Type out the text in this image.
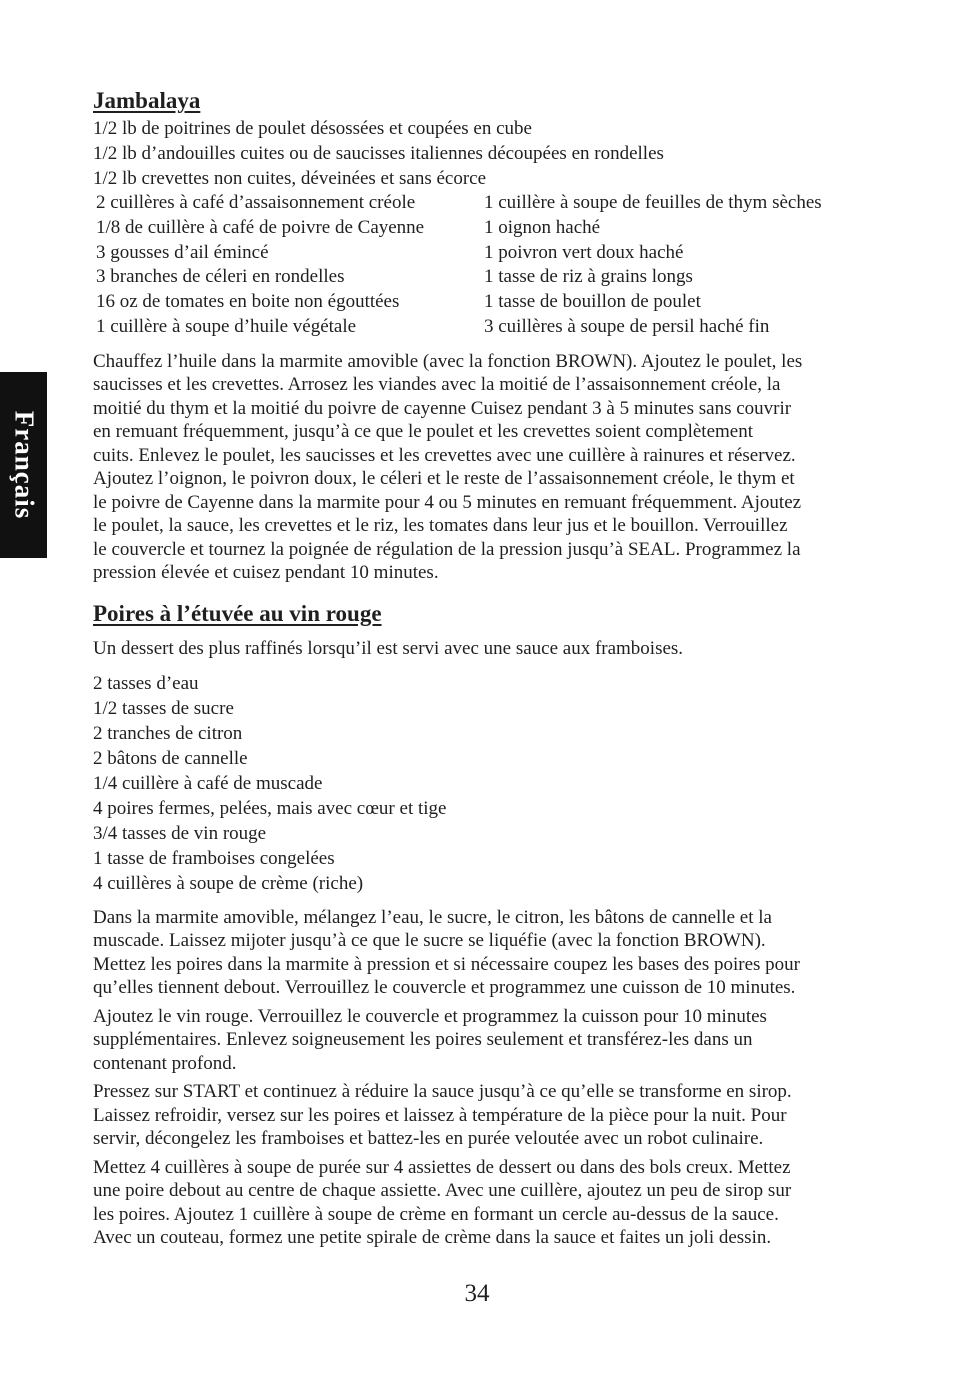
Français
Jambalaya

1/2 lb de poitrines de poulet désossées et coupées en cube

1/2 lb d’andouilles cuites ou de saucisses italiennes découpées en rondelles

1/2 lb crevettes non cuites, déveinées et sans écorce

2 cuillères à café d’assaisonnement créole	1 cuillère à soupe de feuilles de thym sèches

1/8 de cuillère à café de poivre de Cayenne	1 oignon haché

3 gousses d’ail émincé	1 poivron vert doux haché

3 branches de céleri en rondelles	1 tasse de riz à grains longs

16 oz de tomates en boite non égouttées	1 tasse de bouillon de poulet

1 cuillère à soupe d’huile végétale	3 cuillères à soupe de persil haché fin

Chauffez l’huile dans la marmite amovible (avec la fonction BROWN). Ajoutez le poulet, les

saucisses et les crevettes. Arrosez les viandes avec la moitié de l’assaisonnement créole, la

moitié du thym et la moitié du poivre de cayenne Cuisez pendant 3 à 5 minutes sans couvrir

en remuant fréquemment, jusqu’à ce que le poulet et les crevettes soient complètement

cuits. Enlevez le poulet, les saucisses et les crevettes avec une cuillère à rainures et réservez.

Ajoutez l’oignon, le poivron doux, le céleri et le reste de l’assaisonnement créole, le thym et

le poivre de Cayenne dans la marmite pour 4 ou 5 minutes en remuant fréquemment. Ajoutez

le poulet, la sauce, les crevettes et le riz, les tomates dans leur jus et le bouillon. Verrouillez

le couvercle et tournez la poignée de régulation de la pression jusqu’à SEAL. Programmez la

pression élevée et cuisez pendant 10 minutes.

Poires à l’étuvée au vin rouge

Un dessert des plus raffinés lorsqu’il est servi avec une sauce aux framboises.

2 tasses d’eau

1/2 tasses de sucre

2 tranches de citron

2 bâtons de cannelle

1/4 cuillère à café de muscade

4 poires fermes, pelées, mais avec cœur et tige

3/4 tasses de vin rouge

1 tasse de framboises congelées

4 cuillères à soupe de crème (riche)

Dans la marmite amovible, mélangez l’eau, le sucre, le citron, les bâtons de cannelle et la

muscade. Laissez mijoter jusqu’à ce que le sucre se liquéfie (avec la fonction BROWN).

Mettez les poires dans la marmite à pression et si nécessaire coupez les bases des poires pour

qu’elles tiennent debout. Verrouillez le couvercle et programmez une cuisson de 10 minutes.

Ajoutez le vin rouge. Verrouillez le couvercle et programmez la cuisson pour 10 minutes

supplémentaires. Enlevez soigneusement les poires seulement et transférez-les dans un

contenant profond.

Pressez sur START et continuez à réduire la sauce jusqu’à ce qu’elle se transforme en sirop.

Laissez refroidir, versez sur les poires et laissez à température de la pièce pour la nuit. Pour

servir, décongelez les framboises et battez-les en purée veloutée avec un robot culinaire.

Mettez 4 cuillères à soupe de purée sur 4 assiettes de dessert ou dans des bols creux. Mettez

une poire debout au centre de chaque assiette. Avec une cuillère, ajoutez un peu de sirop sur

les poires. Ajoutez 1 cuillère à soupe de crème en formant un cercle au-dessus de la sauce.

Avec un couteau, formez une petite spirale de crème dans la sauce et faites un joli dessin.

34
